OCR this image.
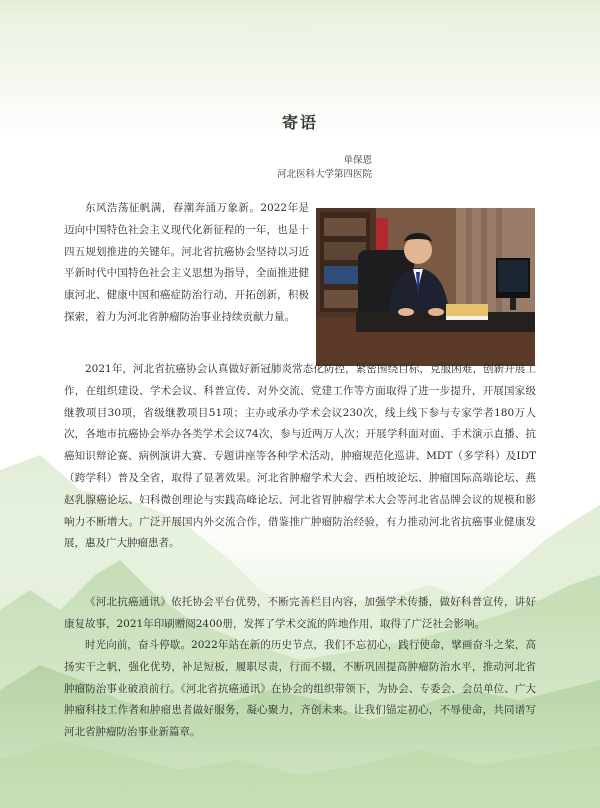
寄语
单保恩
河北医科大学第四医院

东风浩荡征帆满，春潮奔涌万象新。2022年是迈向中国特色社会主义现代化新征程的一年，也是十四五规划推进的关键年。河北省抗癌协会坚持以习近平新时代中国特色社会主义思想为指导，全面推进健康河北、健康中国和癌症防治行动，开拓创新，积极探索，着力为河北省肿瘤防治事业持续贡献力量。

2021年，河北省抗癌协会认真做好新冠肺炎常态化防控，紧密围绕目标，克服困难，创新开展工作，在组织建设、学术会议、科普宣传、对外交流、党建工作等方面取得了进一步提升，开展国家级继教项目30项，省级继教项目51项；主办或承办学术会议230次，线上线下参与专家学者180万人次，各地市抗癌协会举办各类学术会议74次，参与近两万人次；开展学科面对面、手术演示直播、抗癌知识辩论赛、病例演讲大赛、专题讲座等各种学术活动，肿瘤规范化巡讲、MDT（多学科）及IDT（跨学科）普及全省，取得了显著效果。河北省肿瘤学术大会、西柏坡论坛、肿瘤国际高端论坛、燕赵乳腺癌论坛、妇科微创理论与实践高峰论坛、河北省胃肿瘤学术大会等河北省品牌会议的规模和影响力不断增大。广泛开展国内外交流合作，借鉴推广肿瘤防治经验，有力推动河北省抗癌事业健康发展，惠及广大肿瘤患者。

《河北抗癌通讯》依托协会平台优势，不断完善栏目内容，加强学术传播，做好科普宣传，讲好康复故事，2021年印刷赠阅2400册，发挥了学术交流的阵地作用，取得了广泛社会影响。

时光向前，奋斗停歇。2022年站在新的历史节点，我们不忘初心，践行使命，擘画奋斗之桨，高扬实干之帆，强化优势，补足短板，履职尽责，行而不辍，不断巩固提高肿瘤防治水平，推动河北省肿瘤防治事业破浪前行。《河北省抗癌通讯》在协会的组织带领下，为协会、专委会、会员单位、广大肿瘤科技工作者和肿瘤患者做好服务，凝心聚力，齐创未来。让我们锚定初心，不辱使命，共同谱写河北省肿瘤防治事业新篇章。
